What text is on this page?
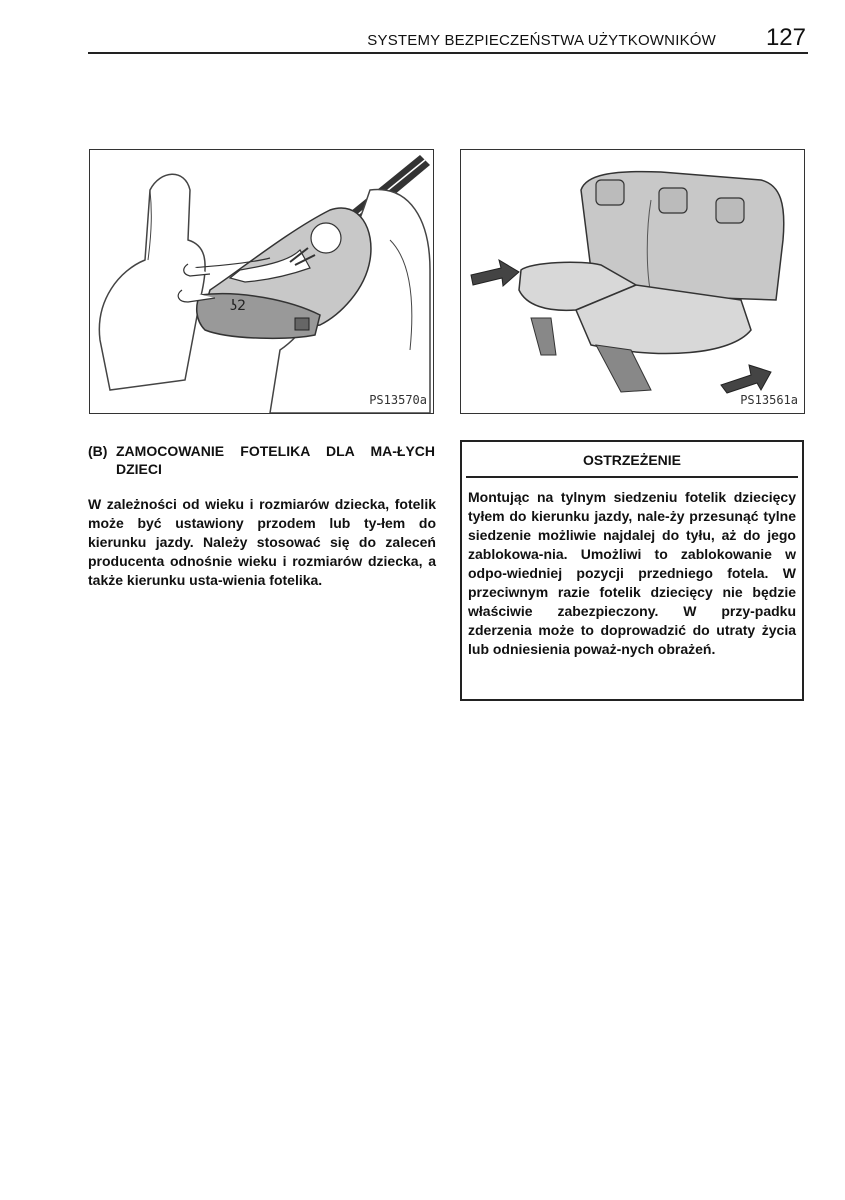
SYSTEMY BEZPIECZEŃSTWA UŻYTKOWNIKÓW 127
ʖ2
PS13570a	PS13561a
(B) ZAMOCOWANIE FOTELIKA DLA MA-ŁYCH DZIECI
W zależności od wieku i rozmiarów dziecka, fotelik może być ustawiony przodem lub ty-łem do kierunku jazdy. Należy stosować się do zaleceń producenta odnośnie wieku i rozmiarów dziecka, a także kierunku usta-wienia fotelika.
OSTRZEŻENIE
Montując na tylnym siedzeniu fotelik dziecięcy tyłem do kierunku jazdy, nale-ży przesunąć tylne siedzenie możliwie najdalej do tyłu, aż do jego zablokowa-nia. Umożliwi to zablokowanie w odpo-wiedniej pozycji przedniego fotela. W przeciwnym razie fotelik dziecięcy nie będzie właściwie zabezpieczony. W przy-padku zderzenia może to doprowadzić do utraty życia lub odniesienia poważ-nych obrażeń.
